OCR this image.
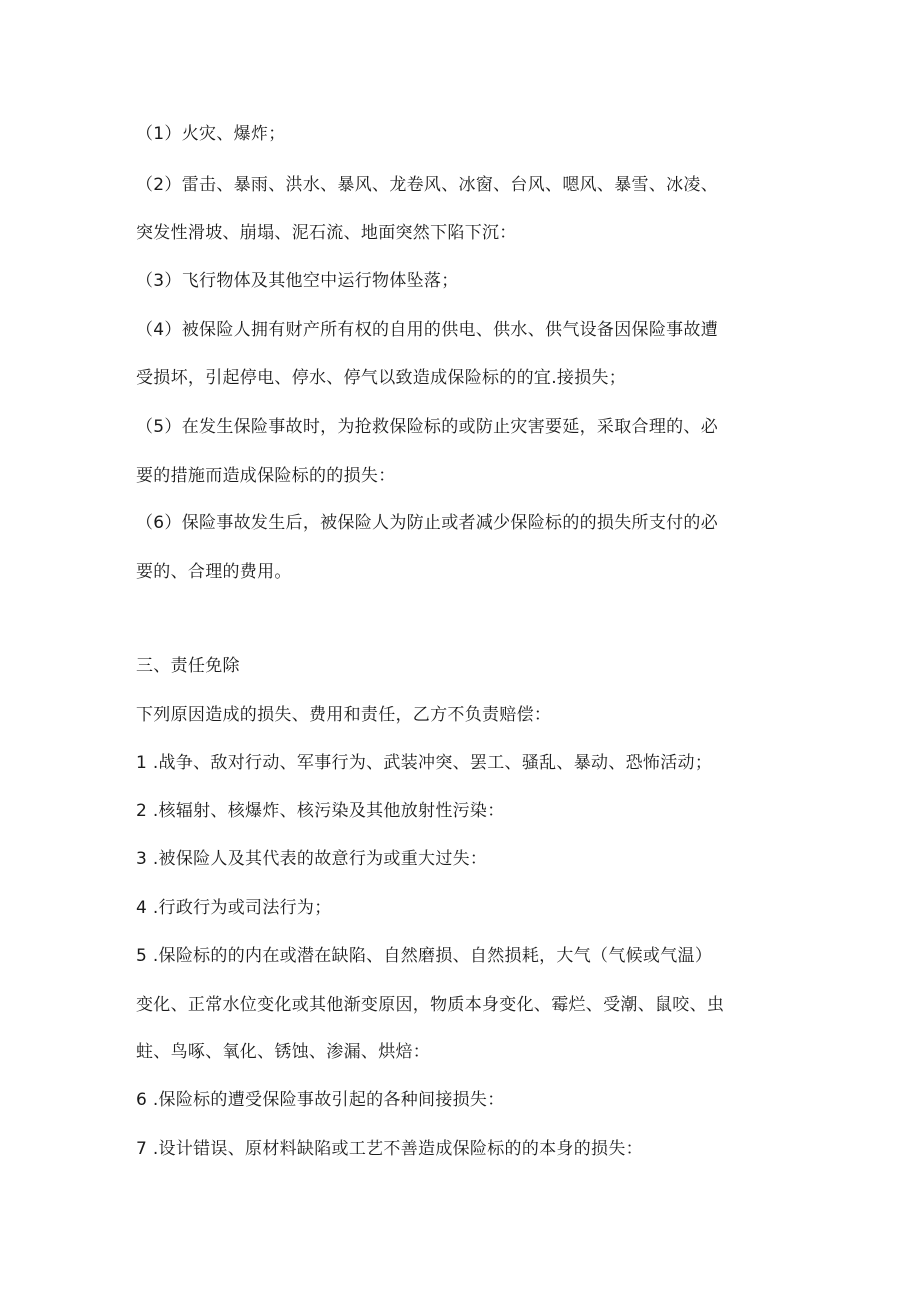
（1）火灾、爆炸；
（2）雷击、暴雨、洪水、暴风、龙卷风、冰窗、台风、嗯风、暴雪、冰凌、
突发性滑坡、崩塌、泥石流、地面突然下陷下沉：
（3）飞行物体及其他空中运行物体坠落；
（4）被保险人拥有财产所有权的自用的供电、供水、供气设备因保险事故遭
受损坏，引起停电、停水、停气以致造成保险标的的宜.接损失；
（5）在发生保险事故时，为抢救保险标的或防止灾害要延，采取合理的、必
要的措施而造成保险标的的损失：
（6）保险事故发生后，被保险人为防止或者减少保险标的的损失所支付的必
要的、合理的费用。
三、责任免除
下列原因造成的损失、费用和责任，乙方不负责赔偿：
1 .战争、敌对行动、军事行为、武装冲突、罢工、骚乱、暴动、恐怖活动；
2 .核辐射、核爆炸、核污染及其他放射性污染：
3 .被保险人及其代表的故意行为或重大过失：
4 .行政行为或司法行为；
5 .保险标的的内在或潜在缺陷、自然磨损、自然损耗，大气（气候或气温）
变化、正常水位变化或其他渐变原因，物质本身变化、霉烂、受潮、鼠咬、虫
蛀、鸟啄、氧化、锈蚀、渗漏、烘焙：
6 .保险标的遭受保险事故引起的各种间接损失：
7 .设计错误、原材料缺陷或工艺不善造成保险标的的本身的损失：
